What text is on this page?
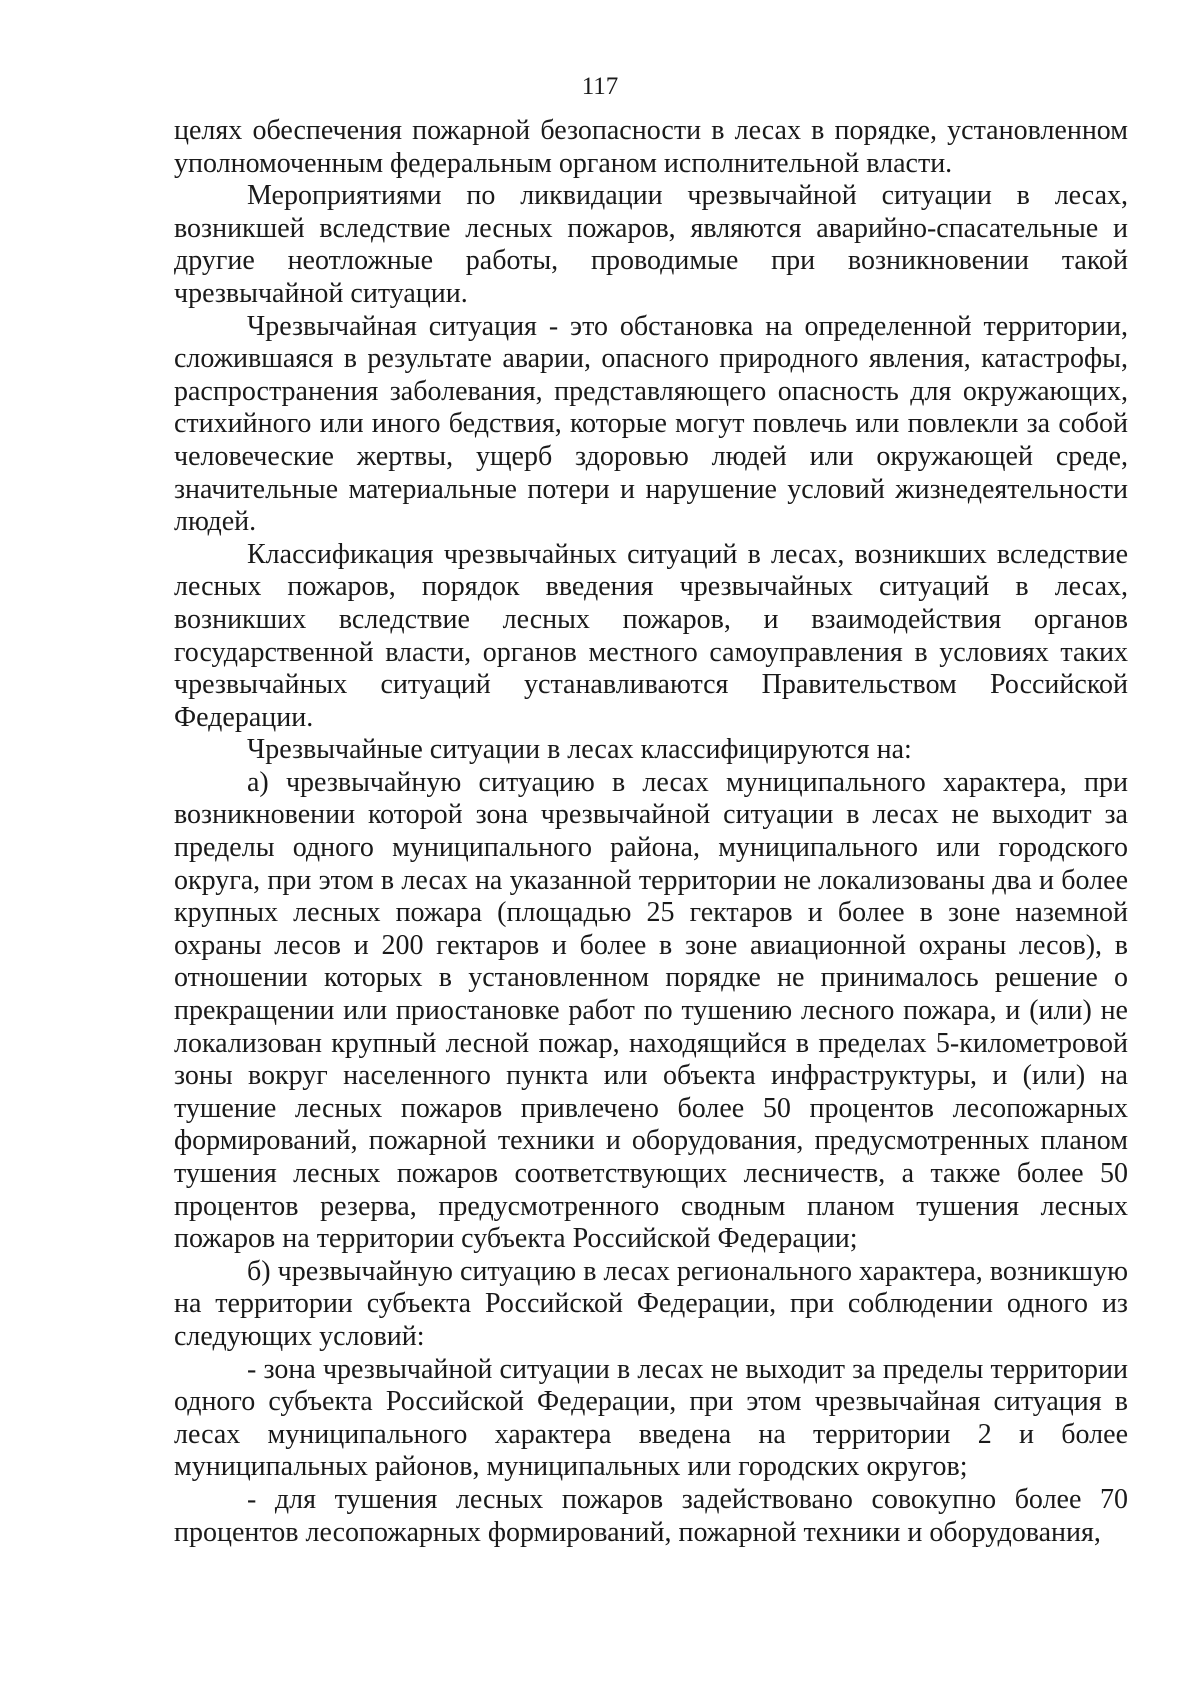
117

целях обеспечения пожарной безопасности в лесах в порядке, установленном уполномоченным федеральным органом исполнительной власти.

Мероприятиями по ликвидации чрезвычайной ситуации в лесах, возникшей вследствие лесных пожаров, являются аварийно-спасательные и другие неотложные работы, проводимые при возникновении такой чрезвычайной ситуации.

Чрезвычайная ситуация - это обстановка на определенной территории, сложившаяся в результате аварии, опасного природного явления, катастрофы, распространения заболевания, представляющего опасность для окружающих, стихийного или иного бедствия, которые могут повлечь или повлекли за собой человеческие жертвы, ущерб здоровью людей или окружающей среде, значительные материальные потери и нарушение условий жизнедеятельности людей.

Классификация чрезвычайных ситуаций в лесах, возникших вследствие лесных пожаров, порядок введения чрезвычайных ситуаций в лесах, возникших вследствие лесных пожаров, и взаимодействия органов государственной власти, органов местного самоуправления в условиях таких чрезвычайных ситуаций устанавливаются Правительством Российской Федерации.

Чрезвычайные ситуации в лесах классифицируются на:

а) чрезвычайную ситуацию в лесах муниципального характера, при возникновении которой зона чрезвычайной ситуации в лесах не выходит за пределы одного муниципального района, муниципального или городского округа, при этом в лесах на указанной территории не локализованы два и более крупных лесных пожара (площадью 25 гектаров и более в зоне наземной охраны лесов и 200 гектаров и более в зоне авиационной охраны лесов), в отношении которых в установленном порядке не принималось решение о прекращении или приостановке работ по тушению лесного пожара, и (или) не локализован крупный лесной пожар, находящийся в пределах 5-километровой зоны вокруг населенного пункта или объекта инфраструктуры, и (или) на тушение лесных пожаров привлечено более 50 процентов лесопожарных формирований, пожарной техники и оборудования, предусмотренных планом тушения лесных пожаров соответствующих лесничеств, а также более 50 процентов резерва, предусмотренного сводным планом тушения лесных пожаров на территории субъекта Российской Федерации;

б) чрезвычайную ситуацию в лесах регионального характера, возникшую на территории субъекта Российской Федерации, при соблюдении одного из следующих условий:

- зона чрезвычайной ситуации в лесах не выходит за пределы территории одного субъекта Российской Федерации, при этом чрезвычайная ситуация в лесах муниципального характера введена на территории 2 и более муниципальных районов, муниципальных или городских округов;

- для тушения лесных пожаров задействовано совокупно более 70 процентов лесопожарных формирований, пожарной техники и оборудования,
